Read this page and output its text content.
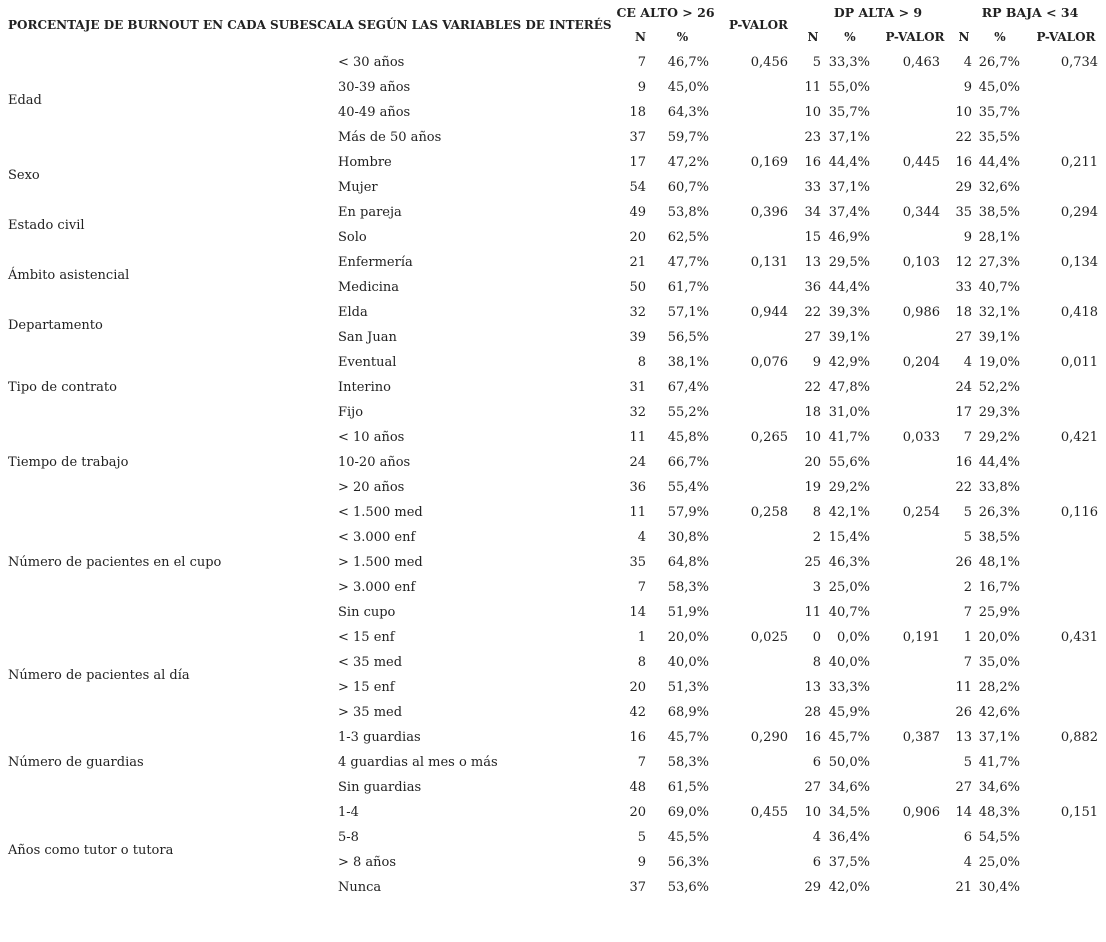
PORCENTAJE DE BURNOUT EN CADA SUBESCALA SEGÚN LAS VARIABLES DE INTERÉS		CE ALTO > 26		P-VALOR	DP ALTA > 9			RP BAJA < 34		
		N	%		N	%	P-VALOR	N	%	P-VALOR
Edad	< 30 años	7	46,7%	0,456	5	33,3%	0,463	4	26,7%	0,734
	30-39 años	9	45,0%		11	55,0%		9	45,0%	
	40-49 años	18	64,3%		10	35,7%		10	35,7%	
	Más de 50 años	37	59,7%		23	37,1%		22	35,5%	
Sexo	Hombre	17	47,2%	0,169	16	44,4%	0,445	16	44,4%	0,211
	Mujer	54	60,7%		33	37,1%		29	32,6%	
Estado civil	En pareja	49	53,8%	0,396	34	37,4%	0,344	35	38,5%	0,294
	Solo	20	62,5%		15	46,9%		9	28,1%	
Ámbito asistencial	Enfermería	21	47,7%	0,131	13	29,5%	0,103	12	27,3%	0,134
	Medicina	50	61,7%		36	44,4%		33	40,7%	
Departamento	Elda	32	57,1%	0,944	22	39,3%	0,986	18	32,1%	0,418
	San Juan	39	56,5%		27	39,1%		27	39,1%	
Tipo de contrato	Eventual	8	38,1%	0,076	9	42,9%	0,204	4	19,0%	0,011
	Interino	31	67,4%		22	47,8%		24	52,2%	
	Fijo	32	55,2%		18	31,0%		17	29,3%	
Tiempo de trabajo	< 10 años	11	45,8%	0,265	10	41,7%	0,033	7	29,2%	0,421
	10-20 años	24	66,7%		20	55,6%		16	44,4%	
	> 20 años	36	55,4%		19	29,2%		22	33,8%	
Número de pacientes en el cupo	< 1.500 med	11	57,9%	0,258	8	42,1%	0,254	5	26,3%	0,116
	< 3.000 enf	4	30,8%		2	15,4%		5	38,5%	
	> 1.500 med	35	64,8%		25	46,3%		26	48,1%	
	> 3.000 enf	7	58,3%		3	25,0%		2	16,7%	
	Sin cupo	14	51,9%		11	40,7%		7	25,9%	
Número de pacientes al día	< 15 enf	1	20,0%	0,025	0	0,0%	0,191	1	20,0%	0,431
	< 35 med	8	40,0%		8	40,0%		7	35,0%	
	> 15 enf	20	51,3%		13	33,3%		11	28,2%	
	> 35 med	42	68,9%		28	45,9%		26	42,6%	
Número de guardias	1-3 guardias	16	45,7%	0,290	16	45,7%	0,387	13	37,1%	0,882
	4 guardias al mes o más	7	58,3%		6	50,0%		5	41,7%	
	Sin guardias	48	61,5%		27	34,6%		27	34,6%	
Años como tutor o tutora	1-4	20	69,0%	0,455	10	34,5%	0,906	14	48,3%	0,151
	5-8	5	45,5%		4	36,4%		6	54,5%	
	> 8 años	9	56,3%		6	37,5%		4	25,0%	
	Nunca	37	53,6%		29	42,0%		21	30,4%	
